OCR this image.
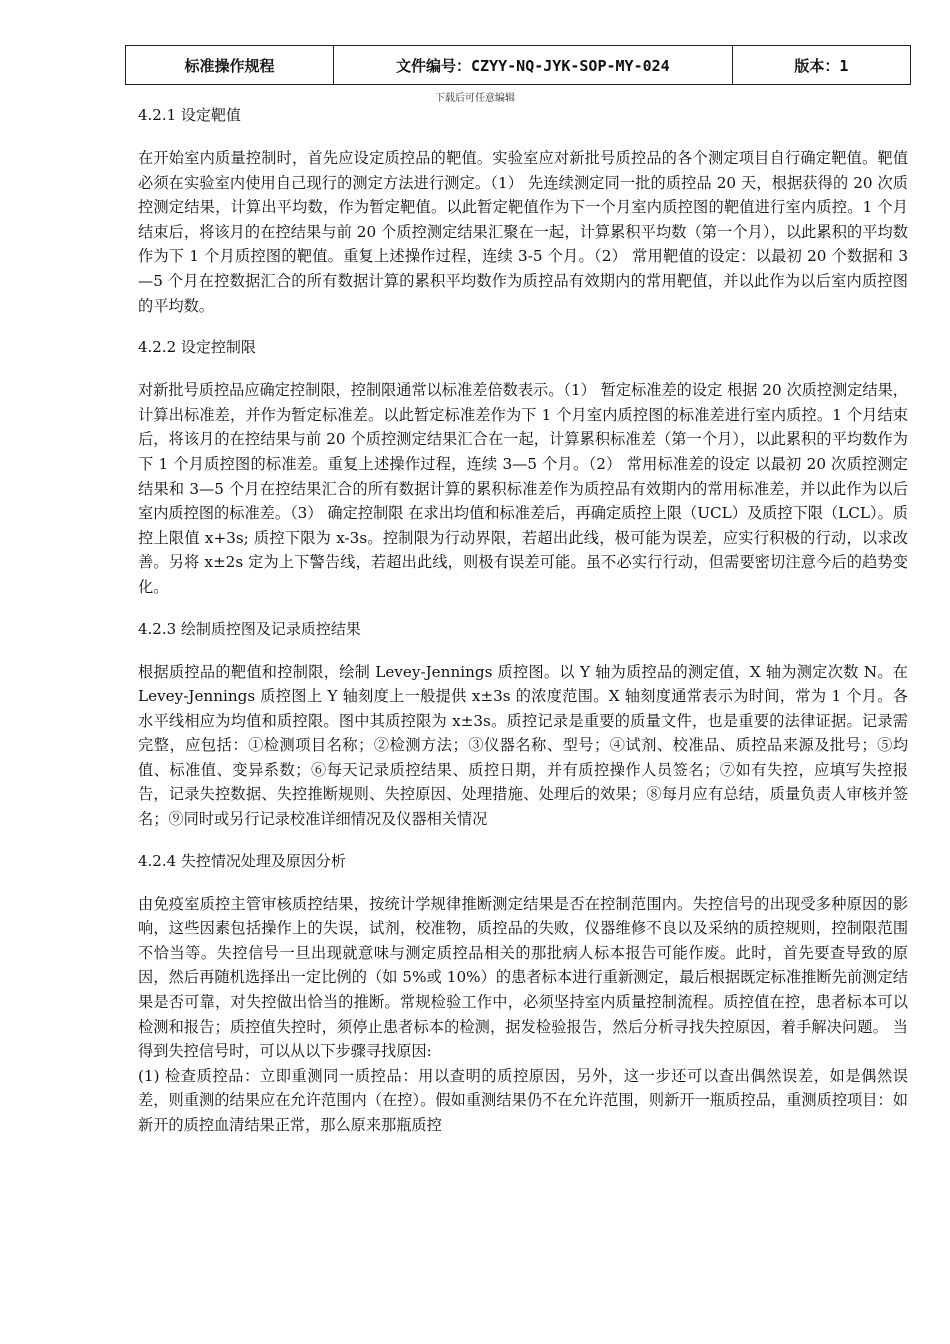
标准操作规程	文件编号：CZYY-NQ-JYK-SOP-MY-024	版本：1
下载后可任意编辑
4.2.1 设定靶值

在开始室内质量控制时，首先应设定质控品的靶值。实验室应对新批号质控品的各个测定项目自行确定靶值。靶值必须在实验室内使用自己现行的测定方法进行测定。（1） 先连续测定同一批的质控品 20 天，根据获得的 20 次质控测定结果，计算出平均数，作为暂定靶值。以此暂定靶值作为下一个月室内质控图的靶值进行室内质控。1 个月结束后，将该月的在控结果与前 20 个质控测定结果汇聚在一起，计算累积平均数（第一个月），以此累积的平均数作为下 1 个月质控图的靶值。重复上述操作过程，连续 3-5 个月。（2） 常用靶值的设定：以最初 20 个数据和 3—5 个月在控数据汇合的所有数据计算的累积平均数作为质控品有效期内的常用靶值，并以此作为以后室内质控图的平均数。

4.2.2 设定控制限

对新批号质控品应确定控制限，控制限通常以标准差倍数表示。（1） 暂定标准差的设定 根据 20 次质控测定结果，计算出标准差，并作为暂定标准差。以此暂定标准差作为下 1 个月室内质控图的标准差进行室内质控。1 个月结束后，将该月的在控结果与前 20 个质控测定结果汇合在一起，计算累积标准差（第一个月），以此累积的平均数作为下 1 个月质控图的标准差。重复上述操作过程，连续 3—5 个月。（2） 常用标准差的设定 以最初 20 次质控测定结果和 3—5 个月在控结果汇合的所有数据计算的累积标准差作为质控品有效期内的常用标准差，并以此作为以后室内质控图的标准差。（3） 确定控制限 在求出均值和标准差后，再确定质控上限（UCL）及质控下限（LCL）。质控上限值 x+3s; 质控下限为 x-3s。控制限为行动界限，若超出此线，极可能为误差，应实行积极的行动，以求改善。另将 x±2s 定为上下警告线，若超出此线，则极有误差可能。虽不必实行行动，但需要密切注意今后的趋势变化。

4.2.3 绘制质控图及记录质控结果

根据质控品的靶值和控制限，绘制 Levey-Jennings 质控图。以 Y 轴为质控品的测定值，X 轴为测定次数 N。在 Levey-Jennings 质控图上 Y 轴刻度上一般提供 x±3s 的浓度范围。X 轴刻度通常表示为时间，常为 1 个月。各水平线相应为均值和质控限。图中其质控限为 x±3s。质控记录是重要的质量文件，也是重要的法律证据。记录需完整，应包括：①检测项目名称；②检测方法；③仪器名称、型号；④试剂、校准品、质控品来源及批号；⑤均值、标准值、变异系数；⑥每天记录质控结果、质控日期，并有质控操作人员签名；⑦如有失控，应填写失控报告，记录失控数据、失控推断规则、失控原因、处理措施、处理后的效果；⑧每月应有总结，质量负责人审核并签名；⑨同时或另行记录校准详细情况及仪器相关情况

4.2.4 失控情况处理及原因分析

由免疫室质控主管审核质控结果，按统计学规律推断测定结果是否在控制范围内。失控信号的出现受多种原因的影响，这些因素包括操作上的失误，试剂，校准物，质控品的失败，仪器维修不良以及采纳的质控规则，控制限范围不恰当等。失控信号一旦出现就意味与测定质控品相关的那批病人标本报告可能作废。此时，首先要查导致的原因，然后再随机选择出一定比例的（如 5%或 10%）的患者标本进行重新测定，最后根据既定标准推断先前测定结果是否可靠，对失控做出恰当的推断。常规检验工作中，必须坚持室内质量控制流程。质控值在控，患者标本可以检测和报告；质控值失控时，须停止患者标本的检测，据发检验报告，然后分析寻找失控原因，着手解决问题。 当得到失控信号时，可以从以下步骤寻找原因:

(1) 检查质控品：立即重测同一质控品：用以查明的质控原因，另外，这一步还可以查出偶然误差，如是偶然误差，则重测的结果应在允许范围内（在控）。假如重测结果仍不在允许范围，则新开一瓶质控品，重测质控项目：如新开的质控血清结果正常，那么原来那瓶质控
